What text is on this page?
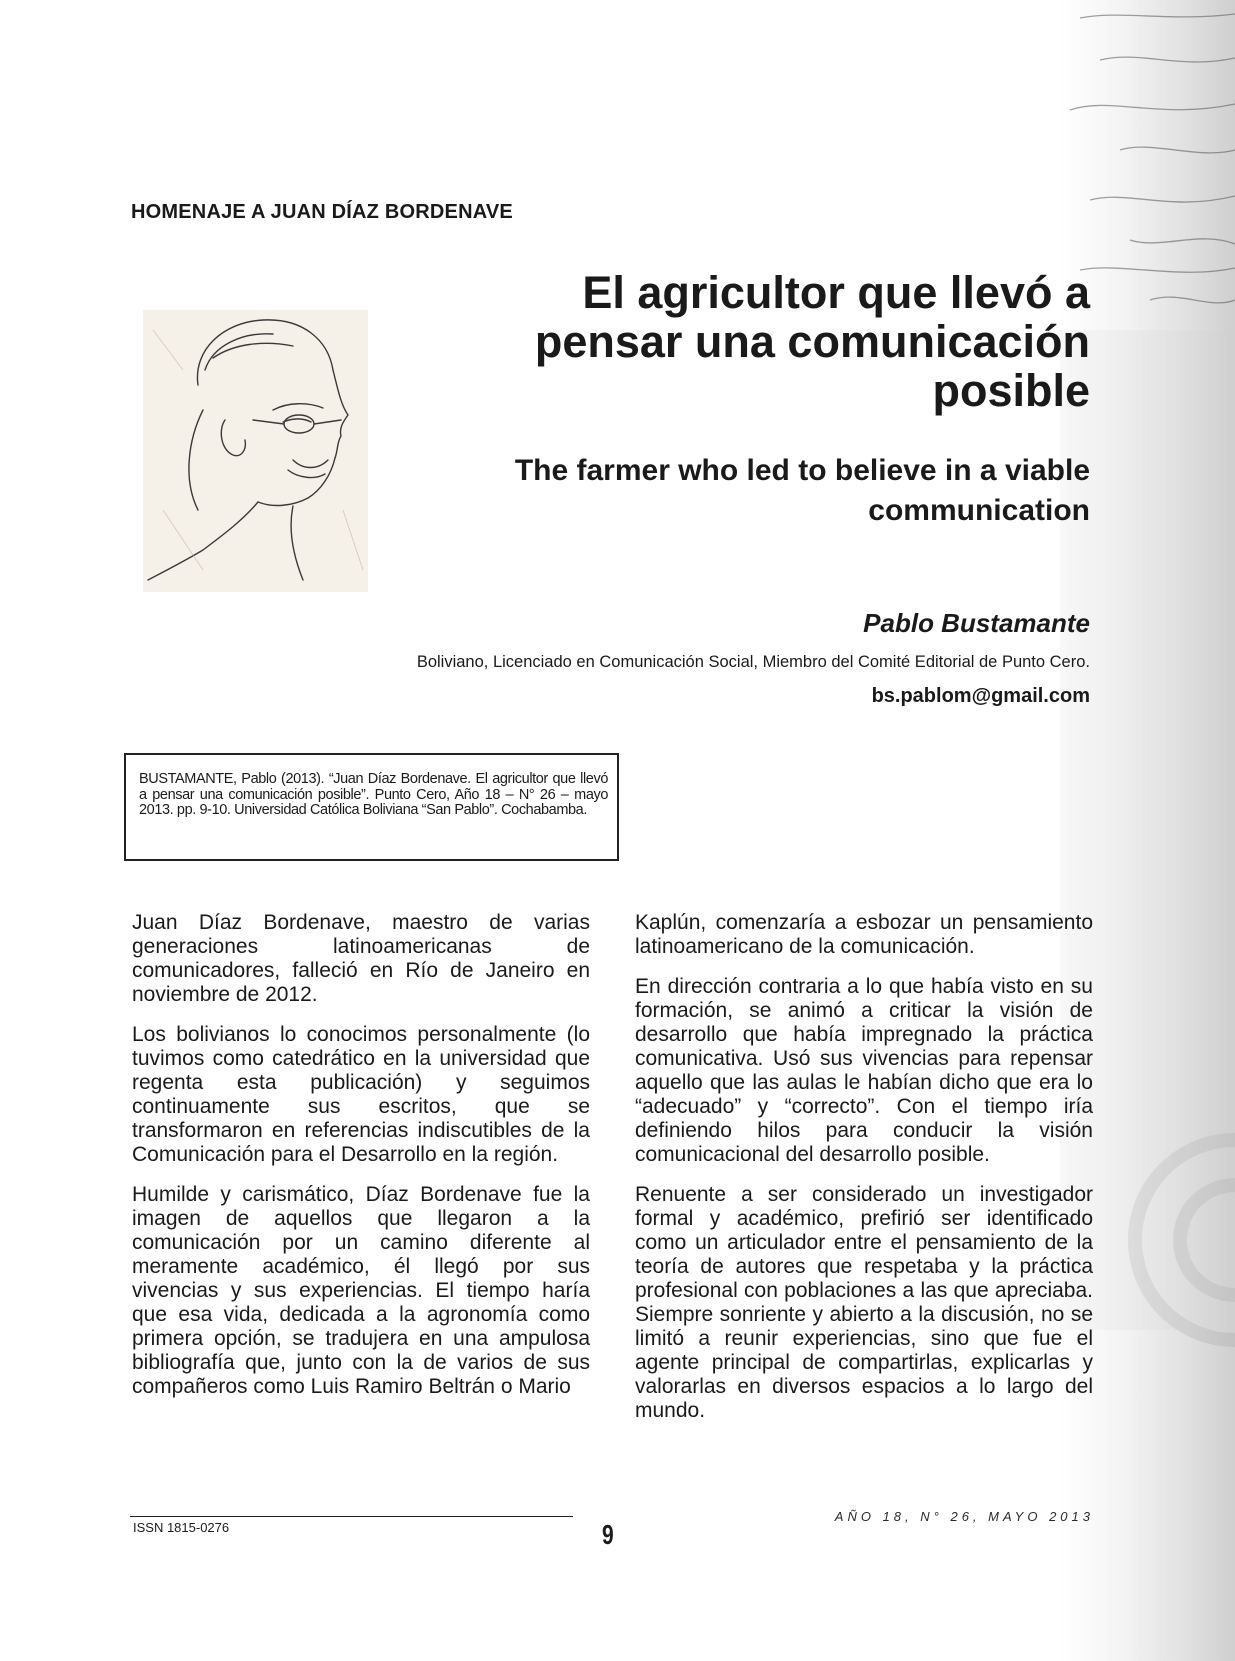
HOMENAJE A JUAN DÍAZ BORDENAVE
El agricultor que llevó a
pensar una comunicación
posible
The farmer who led to believe in a viable
communication

Pablo Bustamante

Boliviano, Licenciado en Comunicación Social, Miembro del Comité Editorial de Punto Cero.

bs.pablom@gmail.com

BUSTAMANTE, Pablo (2013). “Juan Díaz Bordenave. El agricultor que llevó a pensar una comunicación posible”. Punto Cero, Año 18 – N° 26 – mayo 2013. pp. 9-10. Universidad Católica Boliviana “San Pablo”. Cochabamba.

Juan Díaz Bordenave, maestro de varias generaciones latinoamericanas de comunicadores, falleció en Río de Janeiro en noviembre de 2012.

Los bolivianos lo conocimos personalmente (lo tuvimos como catedrático en la universidad que regenta esta publicación) y seguimos continuamente sus escritos, que se transformaron en referencias indiscutibles de la Comunicación para el Desarrollo en la región.

Humilde y carismático, Díaz Bordenave fue la imagen de aquellos que llegaron a la comunicación por un camino diferente al meramente académico, él llegó por sus vivencias y sus experiencias. El tiempo haría que esa vida, dedicada a la agronomía como primera opción, se tradujera en una ampulosa bibliografía que, junto con la de varios de sus compañeros como Luis Ramiro Beltrán o Mario

Kaplún, comenzaría a esbozar un pensamiento latinoamericano de la comunicación.

En dirección contraria a lo que había visto en su formación, se animó a criticar la visión de desarrollo que había impregnado la práctica comunicativa. Usó sus vivencias para repensar aquello que las aulas le habían dicho que era lo “adecuado” y “correcto”. Con el tiempo iría definiendo hilos para conducir la visión comunicacional del desarrollo posible.

Renuente a ser considerado un investigador formal y académico, prefirió ser identificado como un articulador entre el pensamiento de la teoría de autores que respetaba y la práctica profesional con poblaciones a las que apreciaba. Siempre sonriente y abierto a la discusión, no se limitó a reunir experiencias, sino que fue el agente principal de compartirlas, explicarlas y valorarlas en diversos espacios a lo largo del mundo.

ISSN 1815-0276	9

AÑO 18, N° 26, MAYO 2013
